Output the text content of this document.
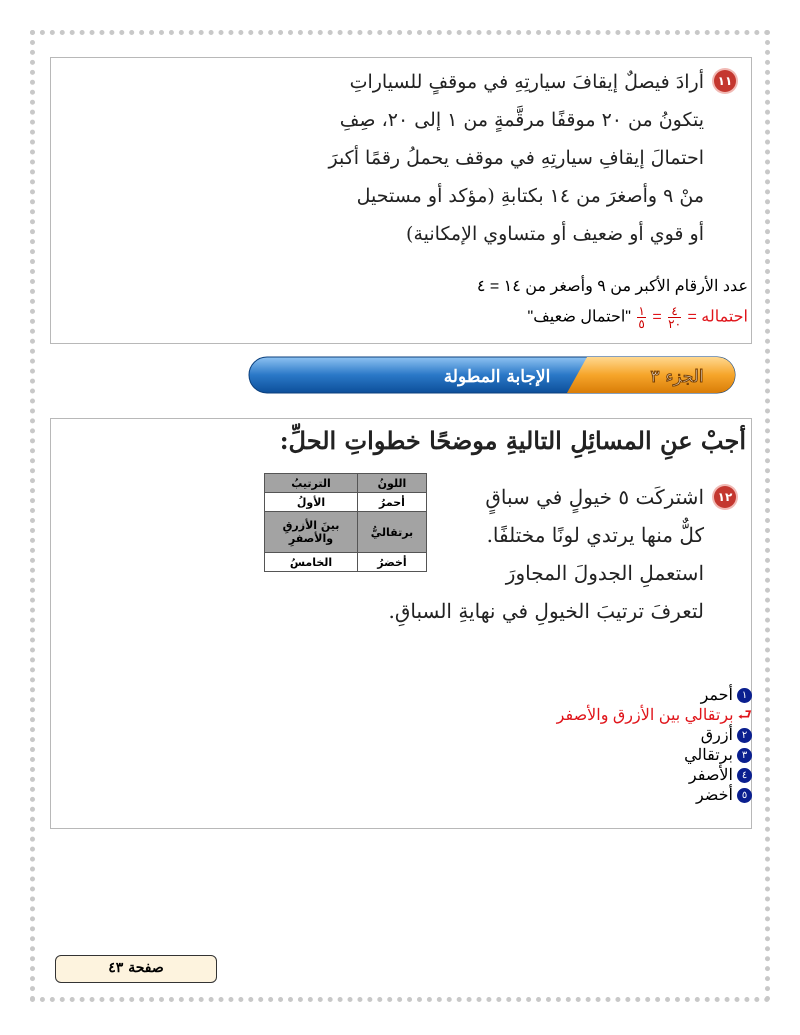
١١
أرادَ فيصلٌ إيقافَ سيارتِهِ في موقفٍ للسياراتِ
يتكونُ من ٢٠ موقفًا مرقَّمةٍ من ١ إلى ٢٠، صِفِ
احتمالَ إيقافِ سيارتِهِ في موقف يحملُ رقمًا أكبرَ
منْ ٩ وأصغرَ من ١٤ بكتابةِ (مؤكد أو مستحيل
أو قوي أو ضعيف أو متساوي الإمكانية)
عدد الأرقام الأكبر من ٩ وأصغر من ١٤ = ٤
احتماله =
$\frac{٤}{٢٠}$
=
$\frac{١}{٥}$
"احتمال ضعيف"
الجزء ٣
الإجابة المطولة
أجبْ عنِ المسائِلِ التاليةِ موضحًا خطواتِ الحلِّ:
١٢
اشتركَت ٥ خيولٍ في سباقٍ
كلٌّ منها يرتدي لونًا مختلفًا.
استعملِ الجدولَ المجاورَ
لتعرفَ ترتيبَ الخيولِ في نهايةِ السباقِ.
اللونُ	الترتيبُ
أحمرُ	الأولُ
برتقاليُّ	بينَ الأزرقِ والأصفرِ
أخضرُ	الخامسُ
١أحمر
⮐برتقالي بين الأزرق والأصفر
٢أزرق
٣برتقالي
٤الأصفر
٥أخضر
صفحة ٤٣
